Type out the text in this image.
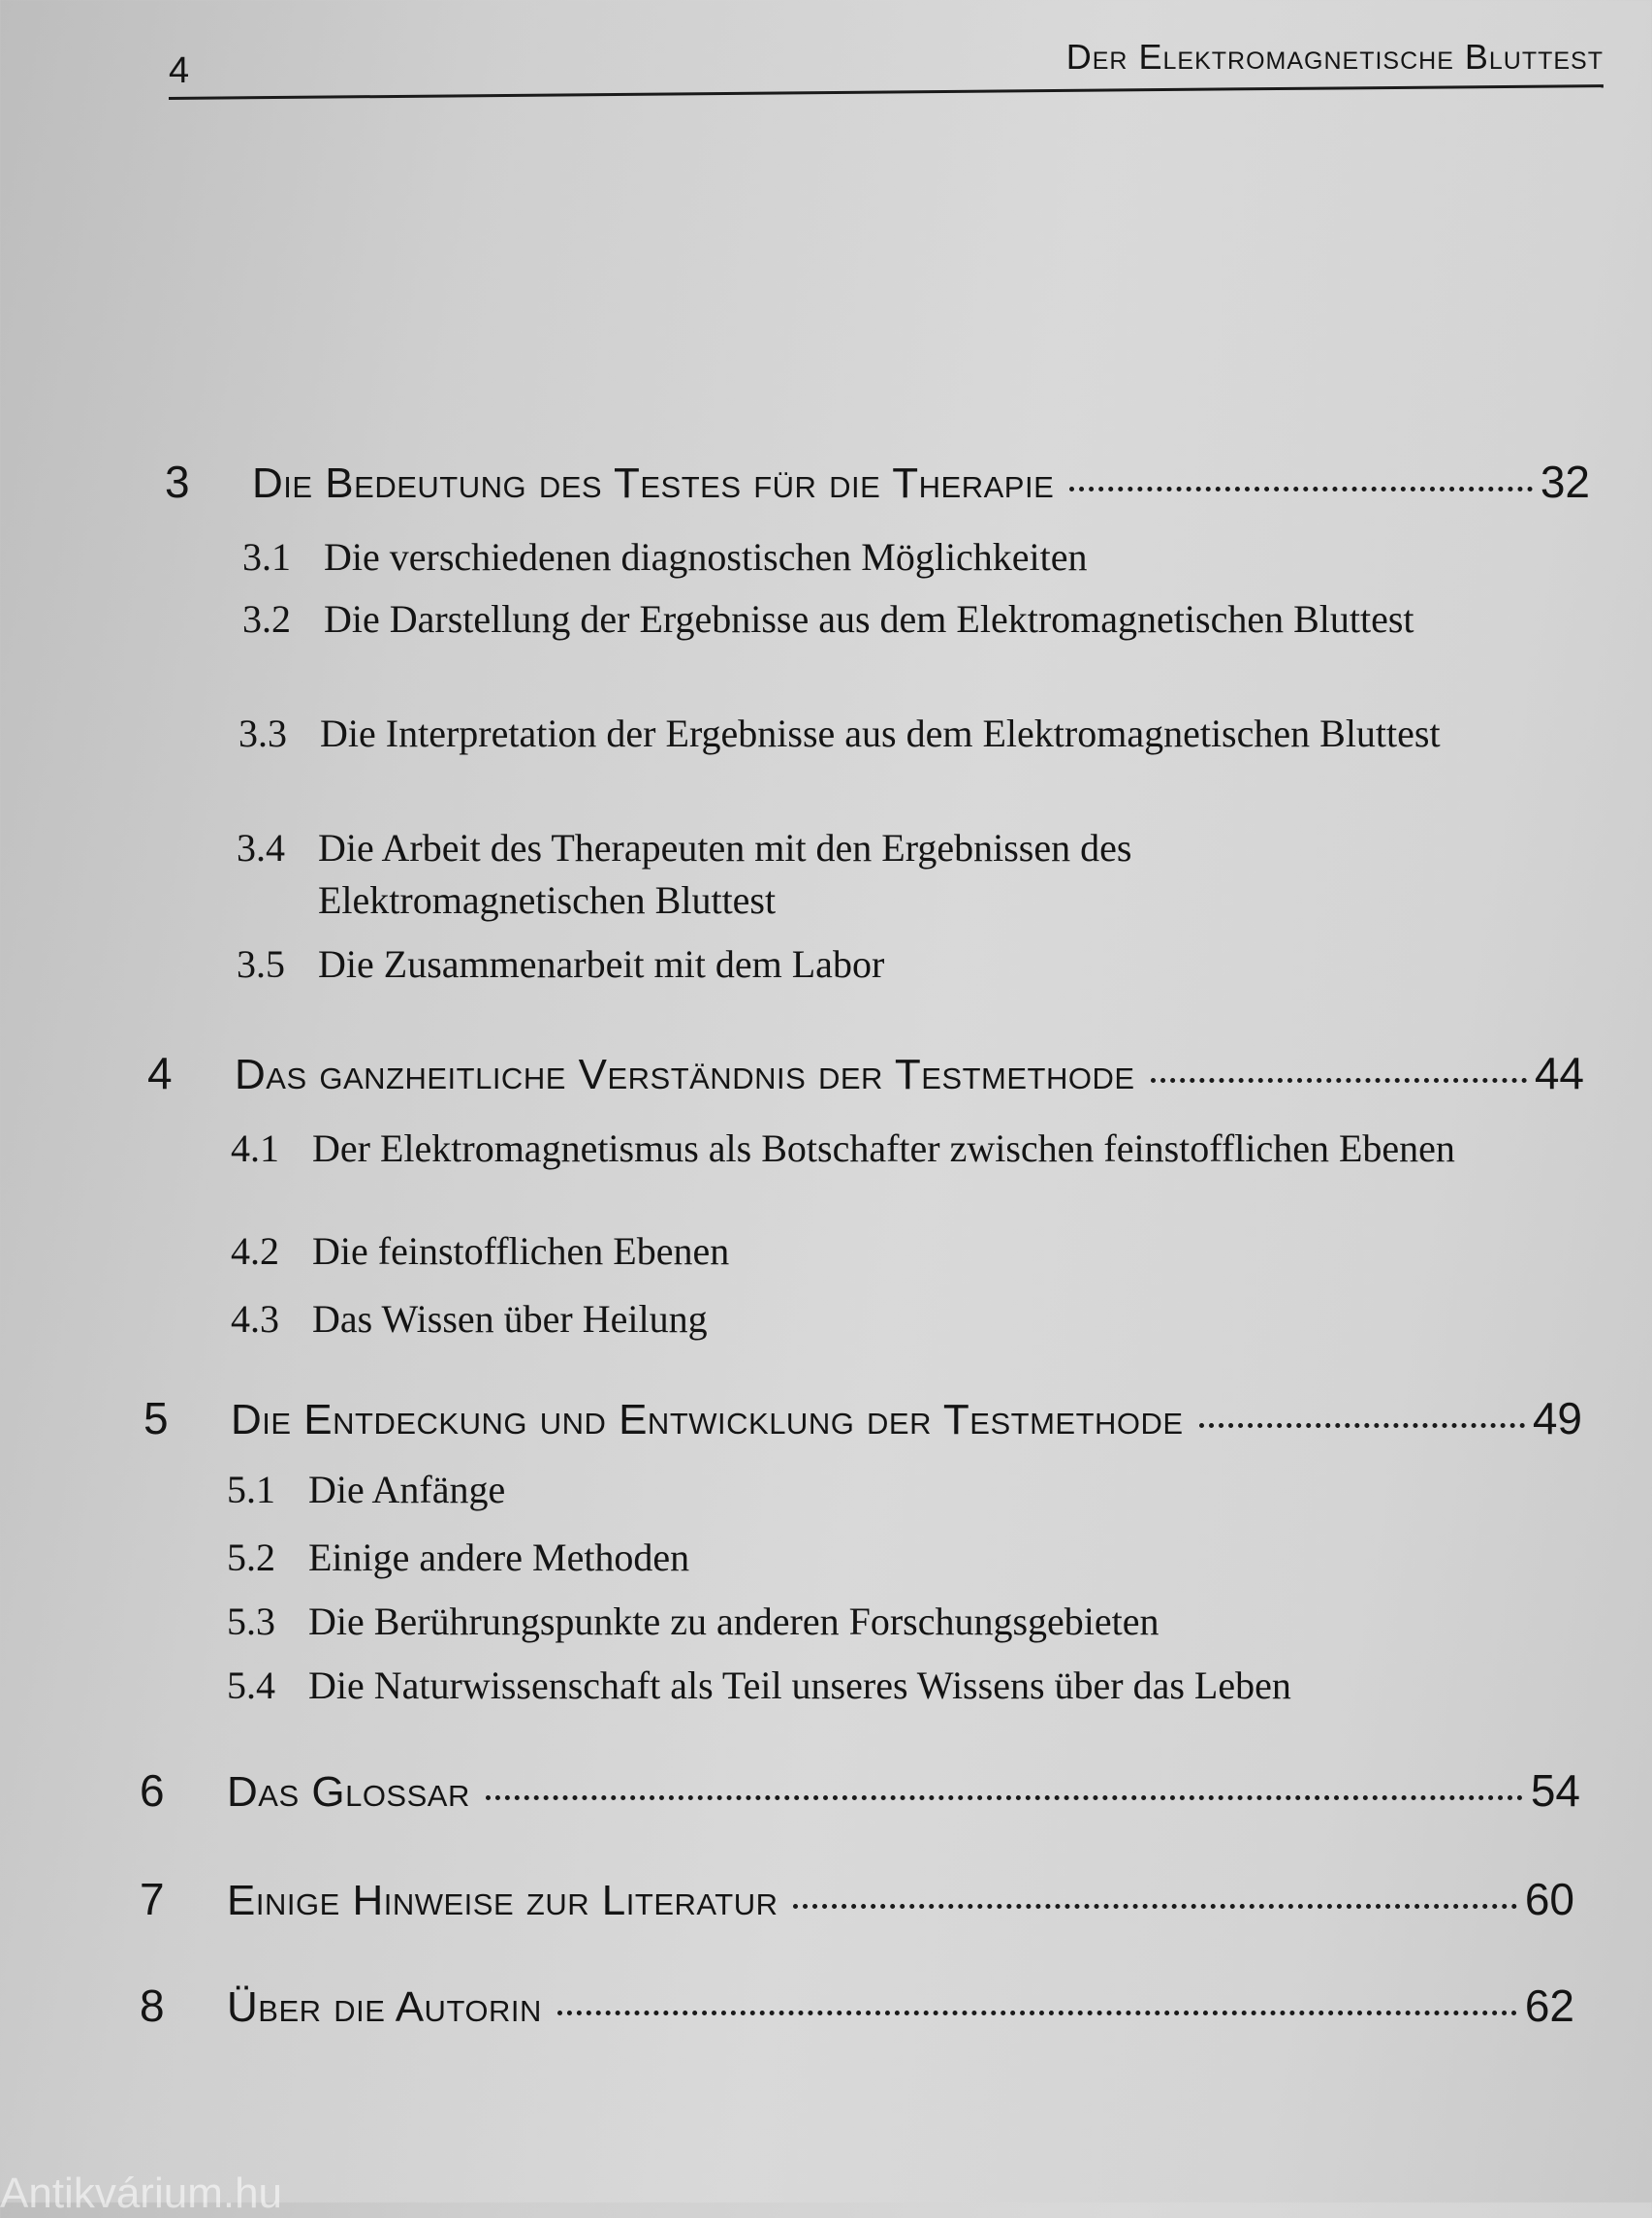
4	Der Elektromagnetische Bluttest
3	Die Bedeutung des Testes für die Therapie	32
3.1 Die verschiedenen diagnostischen Möglichkeiten
3.2 Die Darstellung der Ergebnisse aus dem Elektromagnetischen Bluttest
3.3 Die Interpretation der Ergebnisse aus dem Elektromagnetischen Bluttest
3.4 Die Arbeit des Therapeuten mit den Ergebnissen des Elektromagnetischen Bluttest
3.5 Die Zusammenarbeit mit dem Labor
4	Das ganzheitliche Verständnis der Testmethode	44
4.1 Der Elektromagnetismus als Botschafter zwischen feinstofflichen Ebenen
4.2 Die feinstofflichen Ebenen
4.3 Das Wissen über Heilung
5	Die Entdeckung und Entwicklung der Testmethode	49
5.1 Die Anfänge
5.2 Einige andere Methoden
5.3 Die Berührungspunkte zu anderen Forschungsgebieten
5.4 Die Naturwissenschaft als Teil unseres Wissens über das Leben
6	Das Glossar	54
7	Einige Hinweise zur Literatur	60
8	Über die Autorin	62
Antikvárium.hu
